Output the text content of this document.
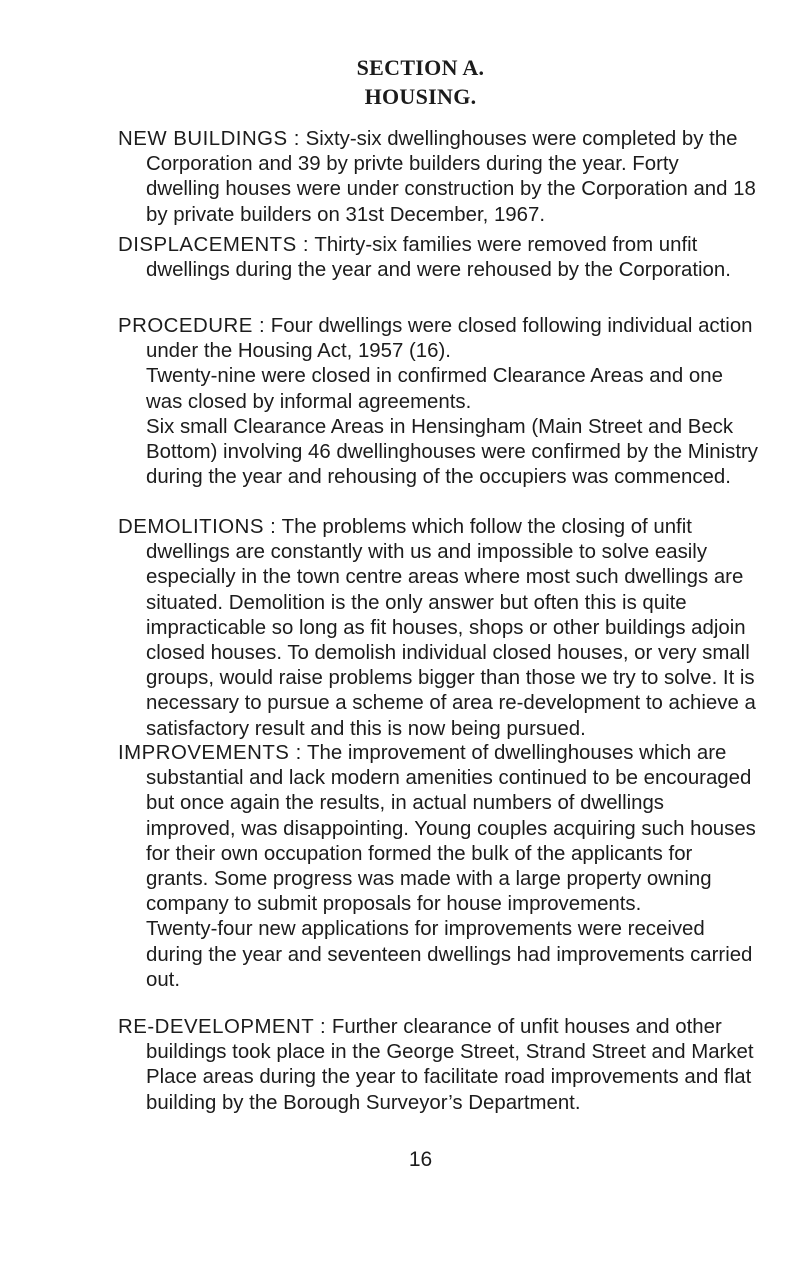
SECTION A.
HOUSING.

NEW BUILDINGS : Sixty-six dwellinghouses were completed by the Corporation and 39 by privte builders during the year. Forty dwelling houses were under construction by the Corporation and 18 by private builders on 31st December, 1967.

DISPLACEMENTS : Thirty-six families were removed from unfit dwellings during the year and were rehoused by the Corporation.

PROCEDURE : Four dwellings were closed following individual action under the Housing Act, 1957 (16).

Twenty-nine were closed in confirmed Clearance Areas and one was closed by informal agreements.

Six small Clearance Areas in Hensingham (Main Street and Beck Bottom) involving 46 dwellinghouses were confirmed by the Ministry during the year and rehousing of the occupiers was commenced.

DEMOLITIONS : The problems which follow the closing of unfit dwellings are constantly with us and impossible to solve easily especially in the town centre areas where most such dwellings are situated. Demolition is the only answer but often this is quite impracticable so long as fit houses, shops or other buildings adjoin closed houses. To demolish individual closed houses, or very small groups, would raise problems bigger than those we try to solve. It is necessary to pursue a scheme of area re-development to achieve a satisfactory result and this is now being pursued.

IMPROVEMENTS : The improvement of dwellinghouses which are substantial and lack modern amenities continued to be encouraged but once again the results, in actual numbers of dwellings improved, was disappointing. Young couples acquiring such houses for their own occupation formed the bulk of the applicants for grants. Some progress was made with a large property owning company to submit proposals for house improvements.

Twenty-four new applications for improvements were received during the year and seventeen dwellings had improvements carried out.

RE-DEVELOPMENT : Further clearance of unfit houses and other buildings took place in the George Street, Strand Street and Market Place areas during the year to facilitate road improvements and flat building by the Borough Surveyor’s Department.

16
